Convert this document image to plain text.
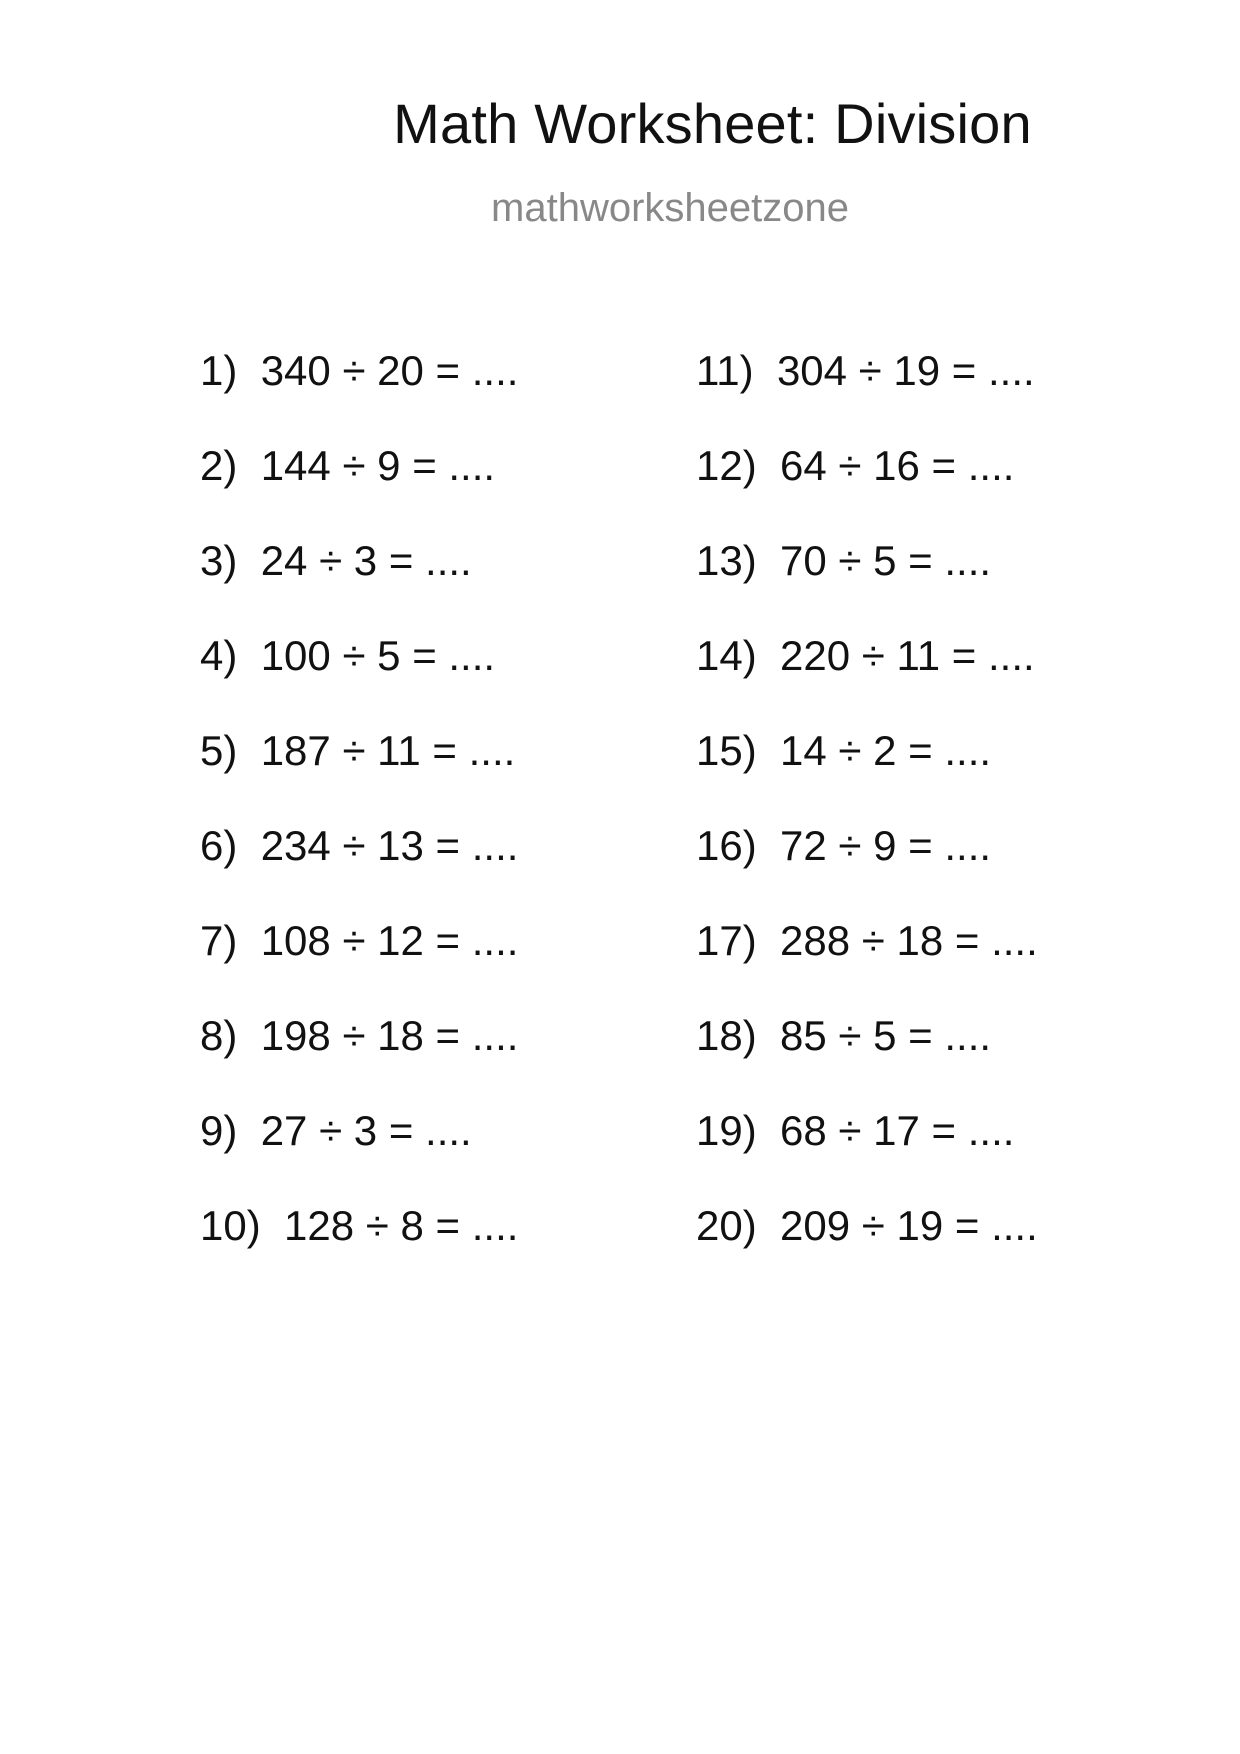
Math Worksheet: Division
mathworksheetzone
1) 340 ÷ 20 = ....
2) 144 ÷ 9 = ....
3) 24 ÷ 3 = ....
4) 100 ÷ 5 = ....
5) 187 ÷ 11 = ....
6) 234 ÷ 13 = ....
7) 108 ÷ 12 = ....
8) 198 ÷ 18 = ....
9) 27 ÷ 3 = ....
10) 128 ÷ 8 = ....
11) 304 ÷ 19 = ....
12) 64 ÷ 16 = ....
13) 70 ÷ 5 = ....
14) 220 ÷ 11 = ....
15) 14 ÷ 2 = ....
16) 72 ÷ 9 = ....
17) 288 ÷ 18 = ....
18) 85 ÷ 5 = ....
19) 68 ÷ 17 = ....
20) 209 ÷ 19 = ....
